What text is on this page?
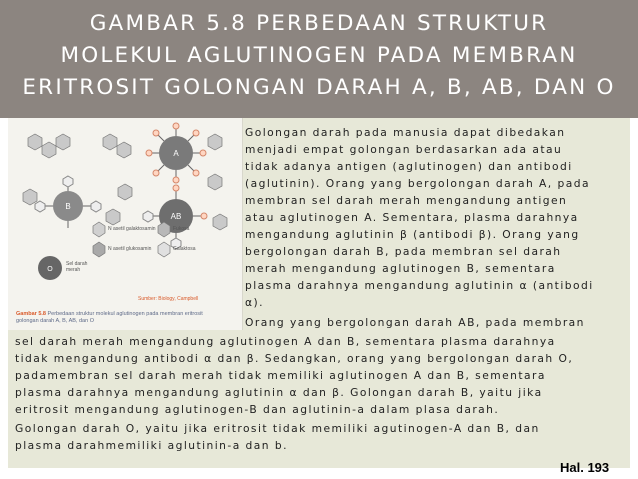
GAMBAR 5.8 PERBEDAAN STRUKTUR
MOLEKUL AGLUTINOGEN PADA MEMBRAN
ERITROSIT GOLONGAN DARAH A, B, AB, DAN O
A
B
AB
O
N asetil galaktosamin	Fukosa
Sel darah merah
N asetil glukosamin	Galaktosa
Sumber: Biology, Campbell
Gambar 5.8 Perbedaan struktur molekul aglutinogen pada membran eritrosit golongan darah A, B, AB, dan O
Golongan darah pada manusia dapat dibedakan
menjadi empat golongan berdasarkan ada atau
tidak adanya antigen (aglutinogen) dan antibodi
(aglutinin). Orang yang bergolongan darah A, pada
membran sel darah merah mengandung antigen
atau aglutinogen A. Sementara, plasma darahnya
mengandung aglutinin β (antibodi β). Orang yang
bergolongan darah B, pada membran sel darah
merah mengandung aglutinogen B, sementara
plasma darahnya mengandung aglutinin α (antibodi
α).
Orang yang bergolongan darah AB, pada membran
sel darah merah mengandung aglutinogen A dan B, sementara plasma darahnya
tidak mengandung antibodi α dan β. Sedangkan, orang yang bergolongan darah O,
padamembran sel darah merah tidak memiliki aglutinogen A dan B, sementara
plasma darahnya mengandung aglutinin α dan β. Golongan darah B, yaitu jika
eritrosit mengandung aglutinogen-B dan aglutinin-a dalam plasa darah.
Golongan darah O, yaitu jika eritrosit tidak memiliki agutinogen-A dan B, dan
plasma darahmemiliki aglutinin-a dan b.
Hal. 193
